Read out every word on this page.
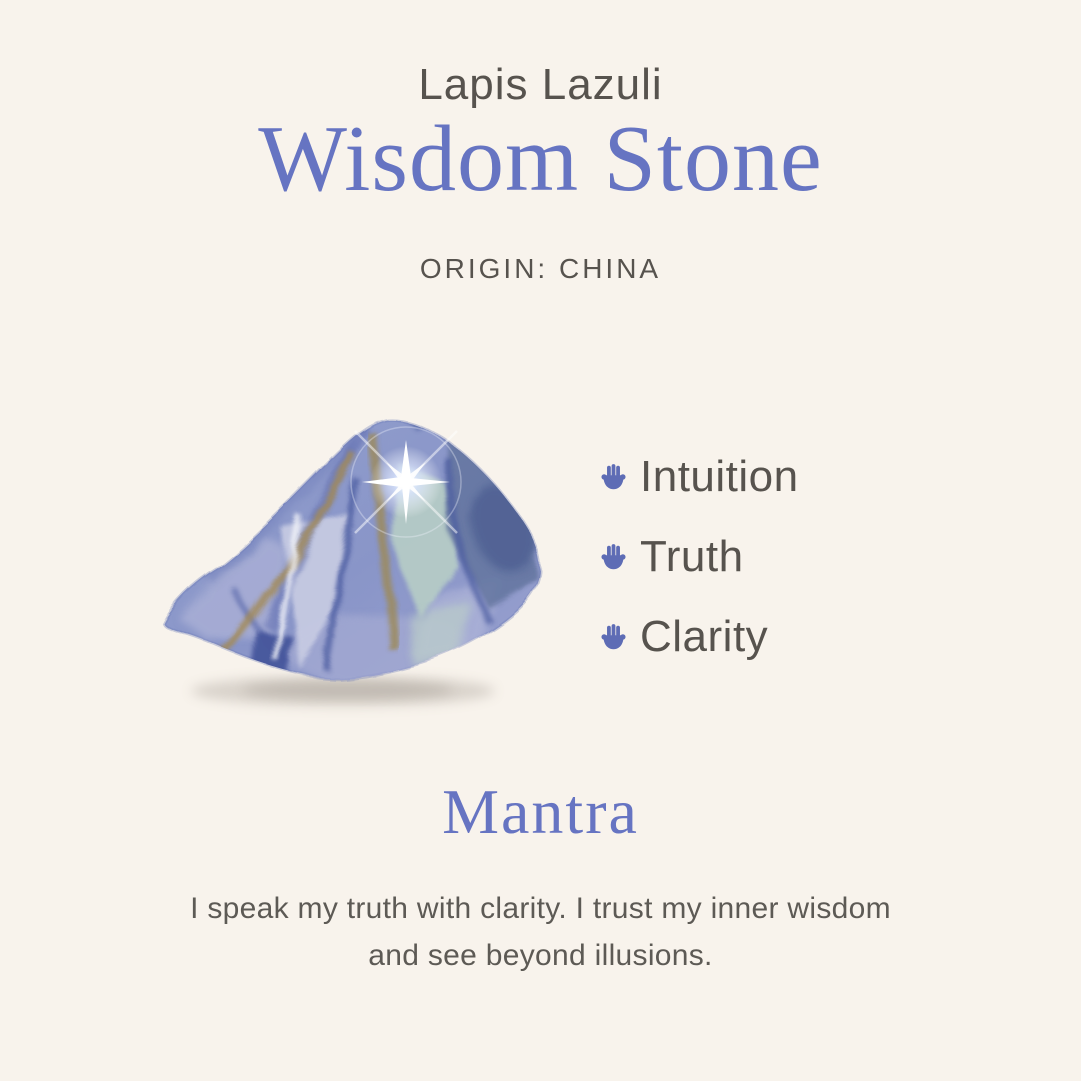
Lapis Lazuli
Wisdom Stone
ORIGIN: CHINA
Intuition
Truth
Clarity
Mantra
I speak my truth with clarity. I trust my inner wisdom
and see beyond illusions.
